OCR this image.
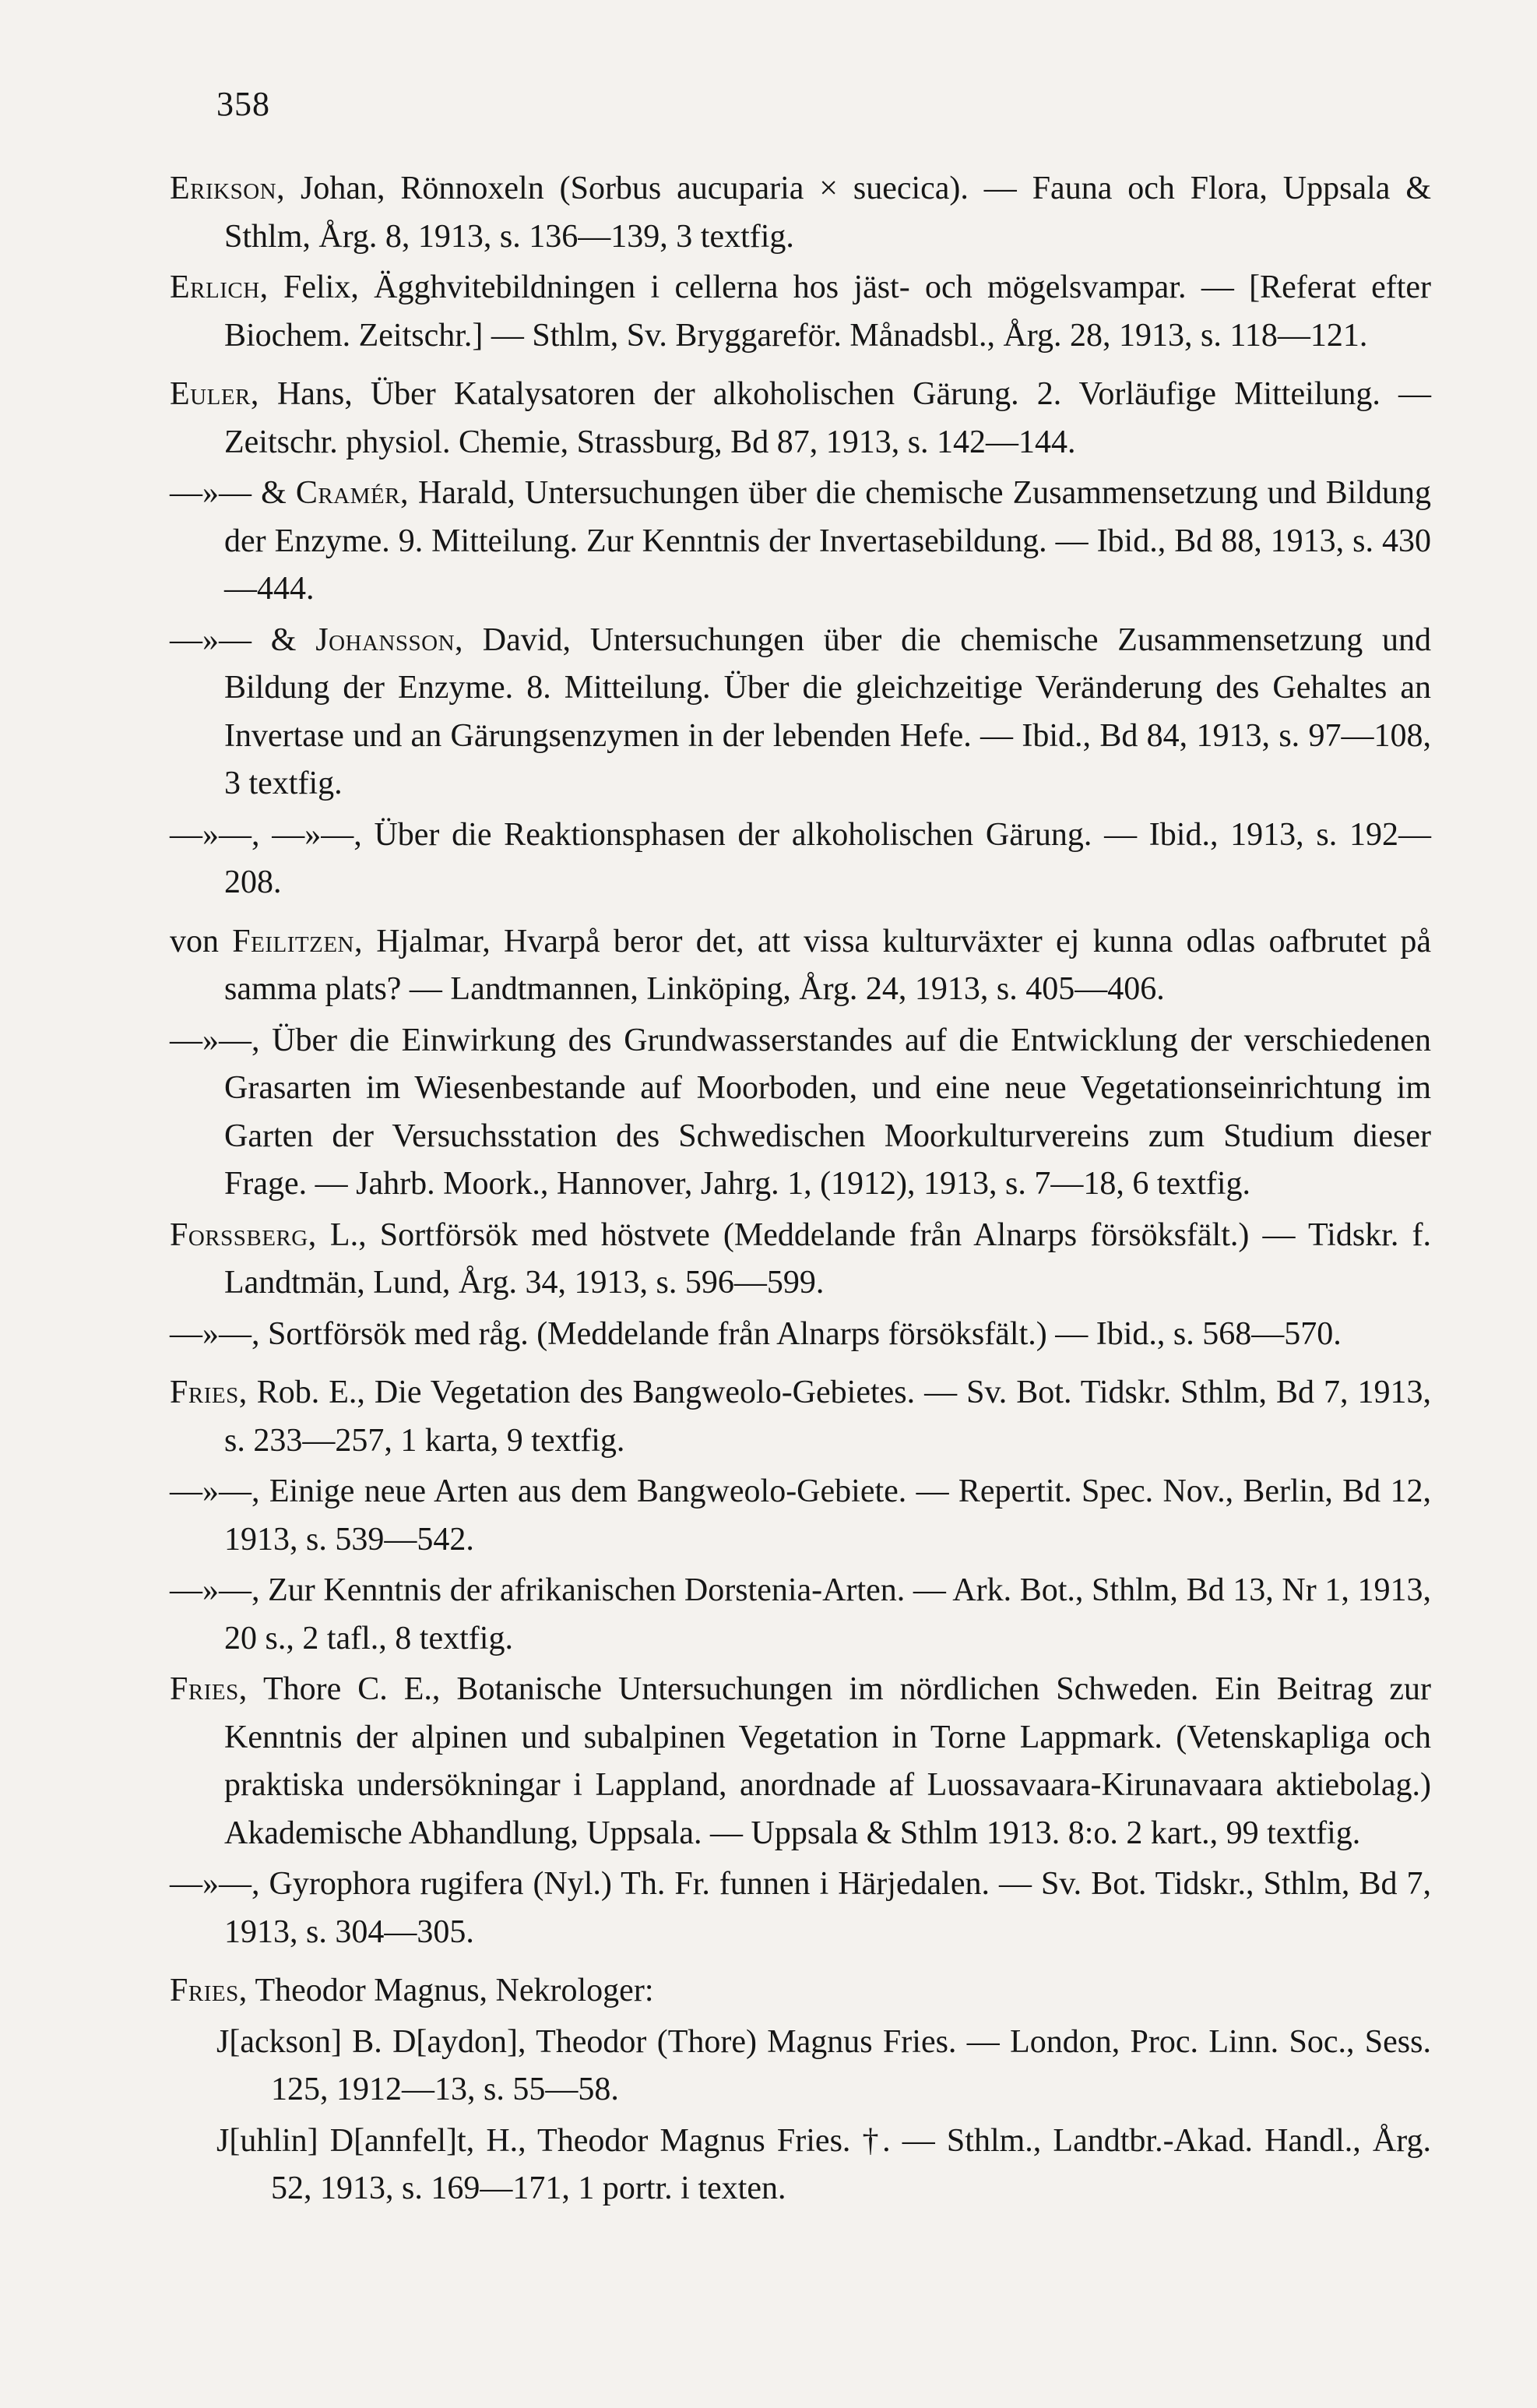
358

Erikson, Johan, Rönnoxeln (Sorbus aucuparia × suecica). — Fauna och Flora, Uppsala & Sthlm, Årg. 8, 1913, s. 136—139, 3 textfig.

Erlich, Felix, Ägghvitebildningen i cellerna hos jäst- och mögelsvampar. — [Referat efter Biochem. Zeitschr.] — Sthlm, Sv. Bryggareför. Månadsbl., Årg. 28, 1913, s. 118—121.

Euler, Hans, Über Katalysatoren der alkoholischen Gärung. 2. Vorläufige Mitteilung. — Zeitschr. physiol. Chemie, Strassburg, Bd 87, 1913, s. 142—144.

—»— & Cramér, Harald, Untersuchungen über die chemische Zusammensetzung und Bildung der Enzyme. 9. Mitteilung. Zur Kenntnis der Invertasebildung. — Ibid., Bd 88, 1913, s. 430—444.

—»— & Johansson, David, Untersuchungen über die chemische Zusammensetzung und Bildung der Enzyme. 8. Mitteilung. Über die gleichzeitige Veränderung des Gehaltes an Invertase und an Gärungsenzymen in der lebenden Hefe. — Ibid., Bd 84, 1913, s. 97—108, 3 textfig.

—»—, —»—, Über die Reaktionsphasen der alkoholischen Gärung. — Ibid., 1913, s. 192—208.

von Feilitzen, Hjalmar, Hvarpå beror det, att vissa kulturväxter ej kunna odlas oafbrutet på samma plats? — Landtmannen, Linköping, Årg. 24, 1913, s. 405—406.

—»—, Über die Einwirkung des Grundwasserstandes auf die Entwicklung der verschiedenen Grasarten im Wiesenbestande auf Moorboden, und eine neue Vegetationseinrichtung im Garten der Versuchsstation des Schwedischen Moorkulturvereins zum Studium dieser Frage. — Jahrb. Moork., Hannover, Jahrg. 1, (1912), 1913, s. 7—18, 6 textfig.

Forssberg, L., Sortförsök med höstvete (Meddelande från Alnarps försöksfält.) — Tidskr. f. Landtmän, Lund, Årg. 34, 1913, s. 596—599.

—»—, Sortförsök med råg. (Meddelande från Alnarps försöksfält.) — Ibid., s. 568—570.

Fries, Rob. E., Die Vegetation des Bangweolo-Gebietes. — Sv. Bot. Tidskr. Sthlm, Bd 7, 1913, s. 233—257, 1 karta, 9 textfig.

—»—, Einige neue Arten aus dem Bangweolo-Gebiete. — Repertit. Spec. Nov., Berlin, Bd 12, 1913, s. 539—542.

—»—, Zur Kenntnis der afrikanischen Dorstenia-Arten. — Ark. Bot., Sthlm, Bd 13, Nr 1, 1913, 20 s., 2 tafl., 8 textfig.

Fries, Thore C. E., Botanische Untersuchungen im nördlichen Schweden. Ein Beitrag zur Kenntnis der alpinen und subalpinen Vegetation in Torne Lappmark. (Vetenskapliga och praktiska undersökningar i Lappland, anordnade af Luossavaara-Kirunavaara aktiebolag.) Akademische Abhandlung, Uppsala. — Uppsala & Sthlm 1913. 8:o. 2 kart., 99 textfig.

—»—, Gyrophora rugifera (Nyl.) Th. Fr. funnen i Härjedalen. — Sv. Bot. Tidskr., Sthlm, Bd 7, 1913, s. 304—305.

Fries, Theodor Magnus, Nekrologer:

J[ackson] B. D[aydon], Theodor (Thore) Magnus Fries. — London, Proc. Linn. Soc., Sess. 125, 1912—13, s. 55—58.

J[uhlin] D[annfel]t, H., Theodor Magnus Fries. †. — Sthlm., Landtbr.-Akad. Handl., Årg. 52, 1913, s. 169—171, 1 portr. i texten.
